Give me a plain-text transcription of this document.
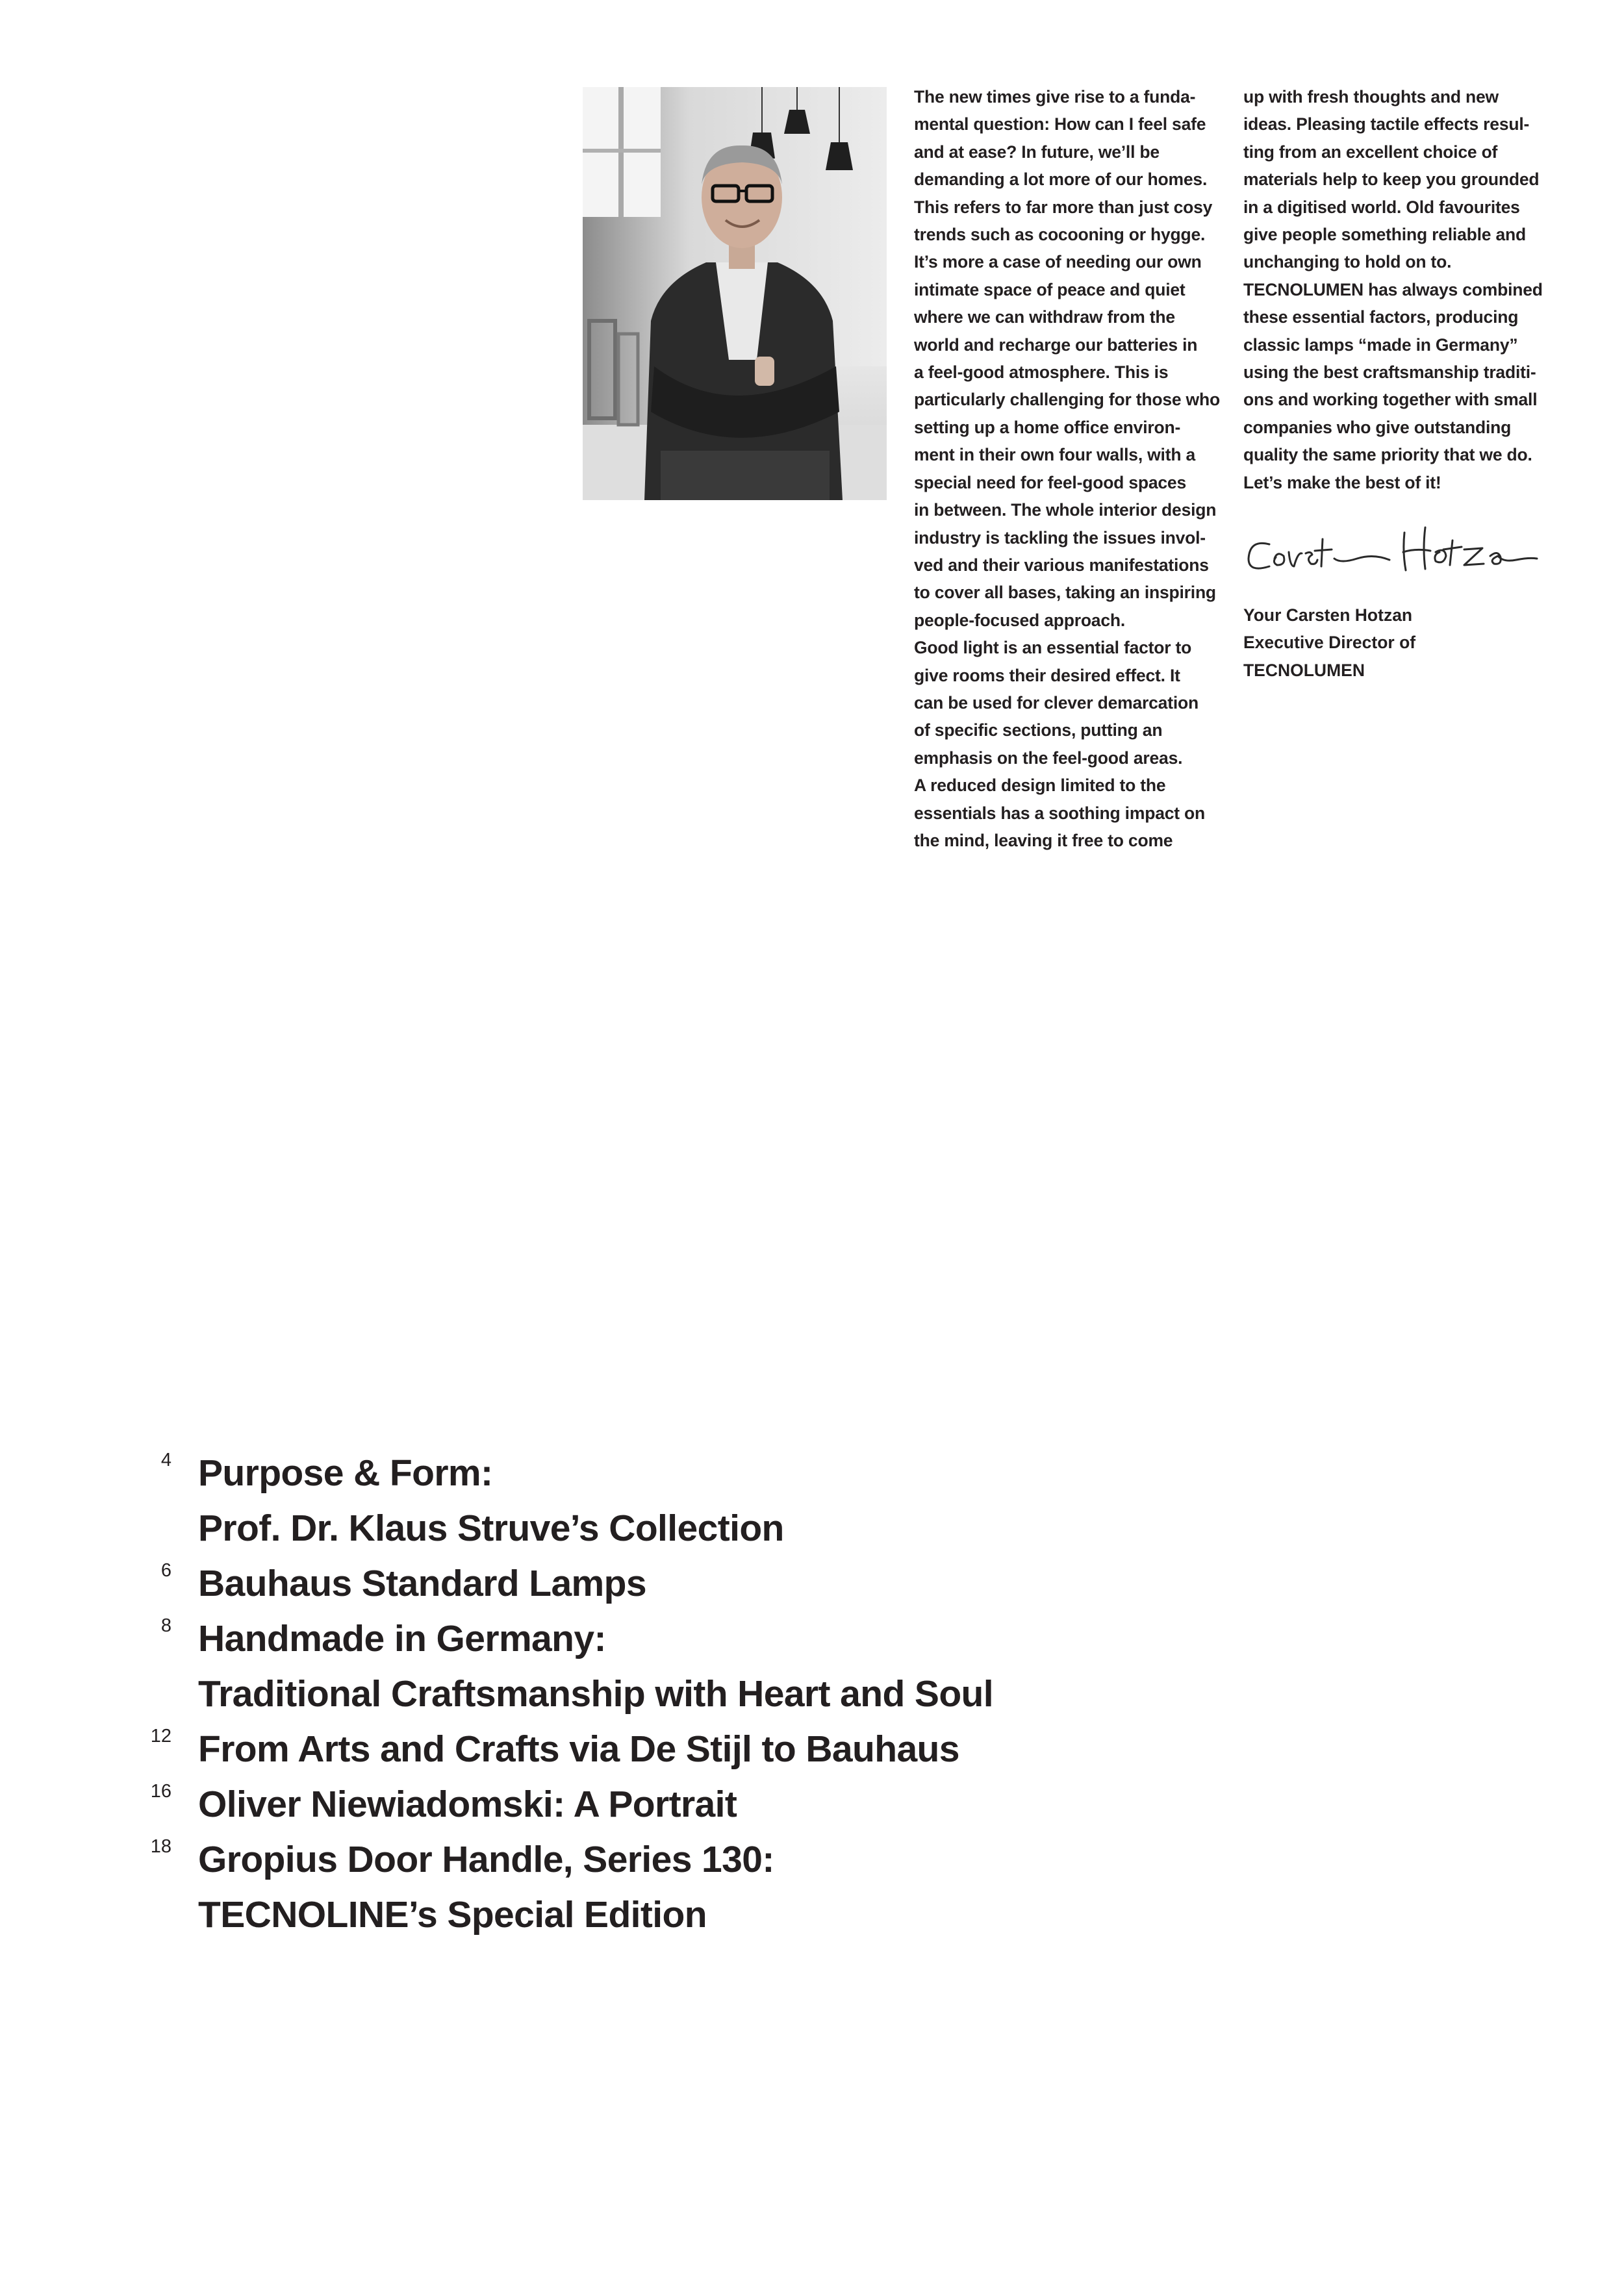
The new times give rise to a funda-

mental question: How can I feel safe

and at ease? In future, we’ll be

demanding a lot more of our homes.

This refers to far more than just cosy

trends such as cocooning or hygge.

It’s more a case of needing our own

intimate space of peace and quiet

where we can withdraw from the

world and recharge our batteries in

a feel-good atmosphere. This is

particularly challenging for those who

setting up a home office environ-

ment in their own four walls, with a

special need for feel-good spaces

in between. The whole interior design

industry is tackling the issues invol-

ved and their various manifestations

to cover all bases, taking an inspiring

people-focused approach.

Good light is an essential factor to

give rooms their desired effect. It

can be used for clever demarcation

of specific sections, putting an

emphasis on the feel-good areas.

A reduced design limited to the

essentials has a soothing impact on

the mind, leaving it free to come

up with fresh thoughts and new

ideas. Pleasing tactile effects resul-

ting from an excellent choice of

materials help to keep you grounded

in a digitised world. Old favourites

give people something reliable and

unchanging to hold on to.

TECNOLUMEN has always combined

these essential factors, producing

classic lamps “made in Germany”

using the best craftsmanship traditi-

ons and working together with small

companies who give outstanding

quality the same priority that we do.

Let’s make the best of it!

Your Carsten Hotzan

Executive Director of

TECNOLUMEN

4 Purpose & Form:
Prof. Dr. Klaus Struve’s Collection
6 Bauhaus Standard Lamps
8 Handmade in Germany:
Traditional Craftsmanship with Heart and Soul
12 From Arts and Crafts via De Stijl to Bauhaus
16 Oliver Niewiadomski: A Portrait
18 Gropius Door Handle, Series 130:
TECNOLINE’s Special Edition
